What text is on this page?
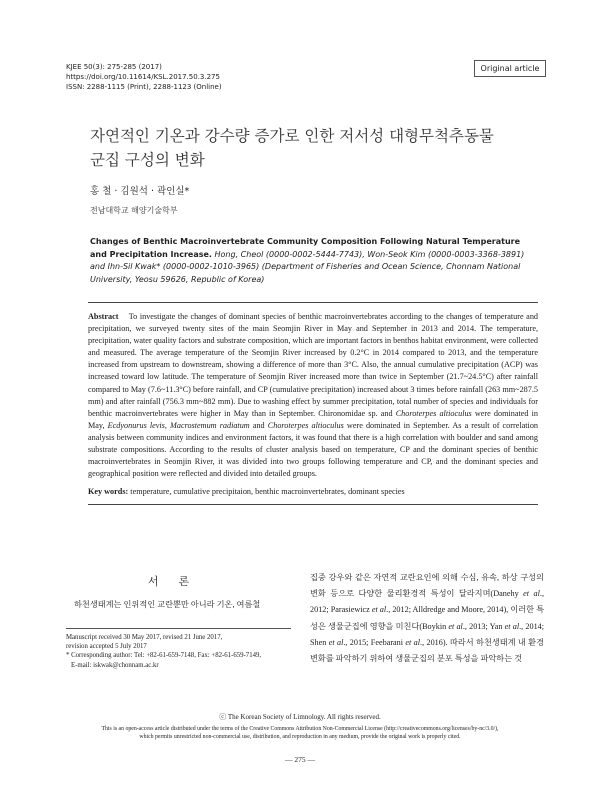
KJEE 50(3): 275-285 (2017)
https://doi.org/10.11614/KSL.2017.50.3.275
ISSN: 2288-1115 (Print), 2288-1123 (Online)
Original article
자연적인 기온과 강수량 증가로 인한 저서성 대형무척추동물
군집 구성의 변화
홍 철 · 김원석 · 곽인실*
전남대학교 해양기술학부
Changes of Benthic Macroinvertebrate Community Composition Following Natural Temperature and Precipitation Increase. Hong, Cheol (0000-0002-5444-7743), Won-Seok Kim (0000-0003-3368-3891) and Ihn-Sil Kwak* (0000-0002-1010-3965) (Department of Fisheries and Ocean Science, Chonnam National University, Yeosu 59626, Republic of Korea)

Abstract To investigate the changes of dominant species of benthic macroinvertebrates according to the changes of temperature and precipitation, we surveyed twenty sites of the main Seomjin River in May and September in 2013 and 2014. The temperature, precipitation, water quality factors and substrate composition, which are important factors in benthos habitat environment, were collected and measured. The average temperature of the Seomjin River increased by 0.2°C in 2014 compared to 2013, and the temperature increased from upstream to downstream, showing a difference of more than 3°C. Also, the annual cumulative precipitation (ACP) was increased toward low latitude. The temperature of Seomjin River increased more than twice in September (21.7~24.5°C) after rainfall compared to May (7.6~11.3°C) before rainfall, and CP (cumulative precipitation) increased about 3 times before rainfall (263 mm~287.5 mm) and after rainfall (756.3 mm~882 mm). Due to washing effect by summer precipitation, total number of species and individuals for benthic macroinvertebrates were higher in May than in September. Chironomidae sp. and Choroterpes altioculus were dominated in May, Ecdyonurus levis, Macrostemum radiatum and Choroterpes altioculus were dominated in September. As a result of correlation analysis between community indices and environment factors, it was found that there is a high correlation with boulder and sand among substrate compositions. According to the results of cluster analysis based on temperature, CP and the dominant species of benthic macroinvertebrates in Seomjin River, it was divided into two groups following temperature and CP, and the dominant species and geographical position were reflected and divided into detailed groups.

Key words: temperature, cumulative precipitaion, benthic macroinvertebrates, dominant species

서론

하천생태계는 인위적인 교란뿐만 아니라 기온, 여름철

Manuscript received 30 May 2017, revised 21 June 2017,
revision accepted 5 July 2017
* Corresponding author: Tel: +82-61-659-7148, Fax: +82-61-659-7149,
E-mail: iskwak@chonnam.ac.kr

집중 강우와 같은 자연적 교란요인에 의해 수심, 유속, 하상 구성의 변화 등으로 다양한 물리환경적 특성이 달라지며(Danehy et al., 2012; Parasiewicz et al., 2012; Alldredge and Moore, 2014), 이러한 특성은 생물군집에 영향을 미친다(Boykin et al., 2013; Yan et al., 2014; Shen et al., 2015; Feebarani et al., 2016). 따라서 하천생태계 내 환경 변화를 파악하기 위하여 생물군집의 분포 특성을 파악하는 것

ⓒ The Korean Society of Limnology. All rights reserved.
This is an open-access article distributed under the terms of the Creative Commons Attribution Non-Commercial License (http://creativecommons.org/licenses/by-nc/3.0/),
which permits unrestricted non-commercial use, distribution, and reproduction in any medium, provide the original work is properly cited.
— 275 —
